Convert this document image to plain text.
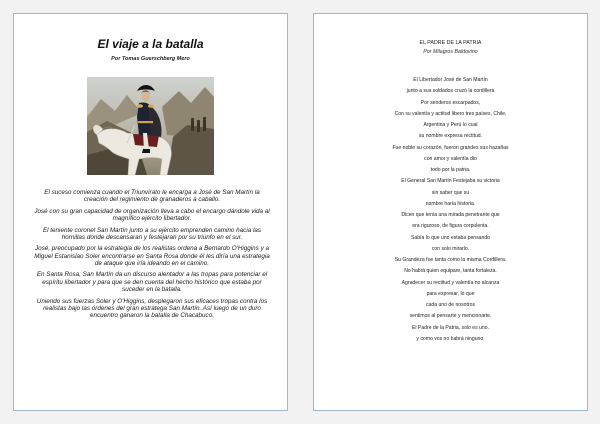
El viaje a la batalla
Por Tomas Guerschberg Mero

El suceso comienza cuando el Triunvirato le encarga a José de San Martín la creación del regimiento de granaderos a caballo.

José con su gran capacidad de organización lleva a cabo el encargo dándole vida al magnífico ejército libertador.

El teniente coronel San Martín junto a su ejército emprenden camino hacia las hornillas donde descansaran y festejaran por su triunfo en el sur.

José, preocupado por la estrategia de los realistas ordena a Bernardo O'Higgins y a Miguel Estanislao Soler encontrarse en Santa Rosa donde él les diría una estrategia de ataque que iría ideando en el camino.

En Santa Rosa, San Martín da un discurso alentador a las tropas para potenciar el espíritu libertador y para que se den cuenta del hecho histórico que estaba por suceder en la batalla.

Uniendo sus fuerzas Soler y O'Higgins, desplegaron sus eficaces tropas contra los realistas bajo las órdenes del gran estratega San Martín. Así luego de un duro encuentro ganaron la batalla de Chacabuco.

EL PADRE DE LA PATRIA
Por Milagros Baldovino
El Libertador José de San Martín
junto a sus soldados cruzó la cordillera
Por senderos escarpados,
Con su valentía y actitud libero tres países, Chile,
Argentina y Perú lo cual
su nombre expresa rectitud.
Fue noble su corazón, fueron grandes sus hazañas
con amor y valentía dio
todo por la patria.
El General San Martín Festejaba su victoria
sin saber que su
nombre haría historia.
Dicen que tenía una mirada penetrante que
era riguroso, de figura corpulenta.
Sabía lo que uno estaba pensando
con solo mirarlo.
Su Grandeza fue tanta como la misma Cordillera.
No habrá quien equipare, tanta fortaleza.
Agradecer su rectitud y valentía no alcanza
para expresar, lo que
cada uno de nosotros
sentimos al pensarte y mencionarte.
El Padre de la Patria, solo es uno.
y como vos no habrá ninguno.
